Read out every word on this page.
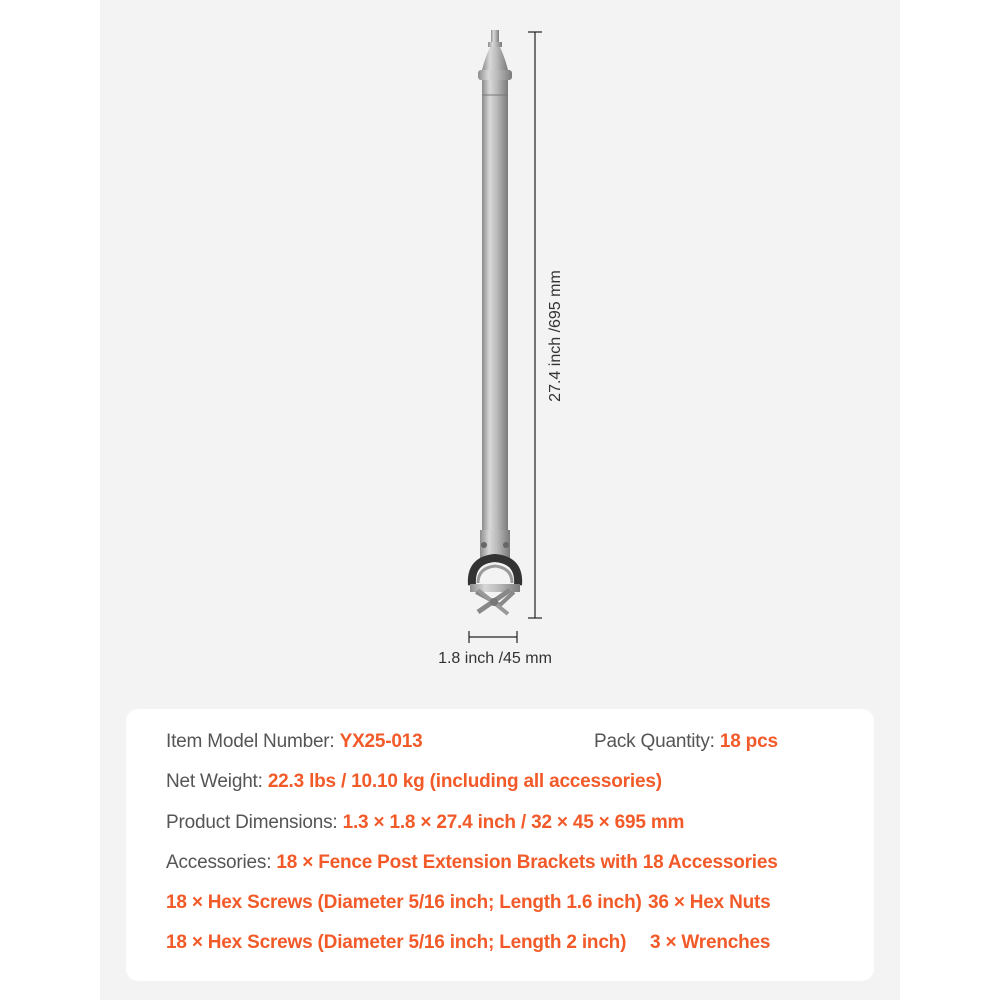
27.4 inch /695 mm
1.8 inch /45 mm
Item Model Number: YX25-013	Pack Quantity: 18 pcs
Net Weight: 22.3 lbs / 10.10 kg (including all accessories)
Product Dimensions: 1.3 × 1.8 × 27.4 inch / 32 × 45 × 695 mm
Accessories: 18 × Fence Post Extension Brackets with 18 Accessories
18 × Hex Screws (Diameter 5/16 inch; Length 1.6 inch) 36 × Hex Nuts
18 × Hex Screws (Diameter 5/16 inch; Length 2 inch) 3 × Wrenches
